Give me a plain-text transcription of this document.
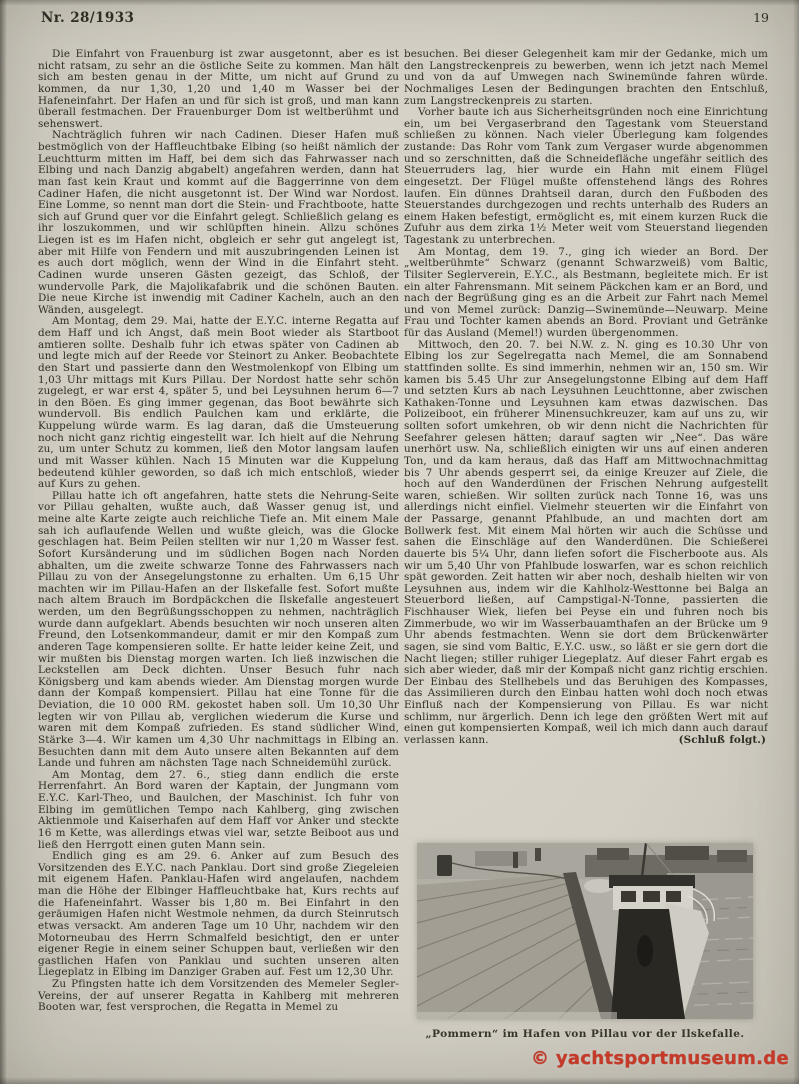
Nr. 28/1933	19

Die Einfahrt von Frauenburg ist zwar ausgetonnt, aber es ist nicht ratsam, zu sehr an die östliche Seite zu kommen. Man hält sich am besten genau in der Mitte, um nicht auf Grund zu kommen, da nur 1,30, 1,20 und 1,40 m Wasser bei der Hafeneinfahrt. Der Hafen an und für sich ist groß, und man kann überall festmachen. Der Frauenburger Dom ist weltberühmt und sehenswert.

Nachträglich fuhren wir nach Cadinen. Dieser Hafen muß bestmöglich von der Haffleuchtbake Elbing (so heißt nämlich der Leuchtturm mitten im Haff, bei dem sich das Fahrwasser nach Elbing und nach Danzig abgabelt) angefahren werden, dann hat man fast kein Kraut und kommt auf die Baggerrinne von dem Cadiner Hafen, die nicht ausgetonnt ist. Der Wind war Nordost. Eine Lomme, so nennt man dort die Stein- und Frachtboote, hatte sich auf Grund quer vor die Einfahrt gelegt. Schließlich gelang es ihr loszukommen, und wir schlüpften hinein. Allzu schönes Liegen ist es im Hafen nicht, obgleich er sehr gut angelegt ist, aber mit Hilfe von Fendern und mit auszubringenden Leinen ist es auch dort möglich, wenn der Wind in die Einfahrt steht. Cadinen wurde unseren Gästen gezeigt, das Schloß, der wundervolle Park, die Majolikafabrik und die schönen Bauten. Die neue Kirche ist inwendig mit Cadiner Kacheln, auch an den Wänden, ausgelegt.

Am Montag, dem 29. Mai, hatte der E.Y.C. interne Regatta auf dem Haff und ich Angst, daß mein Boot wieder als Startboot amtieren sollte. Deshalb fuhr ich etwas später von Cadinen ab und legte mich auf der Reede vor Steinort zu Anker. Beobachtete den Start und passierte dann den Westmolenkopf von Elbing um 1,03 Uhr mittags mit Kurs Pillau. Der Nordost hatte sehr schön zugelegt, er war erst 4, später 5, und bei Leysuhnen herum 6—7 in den Böen. Es ging immer gegenan, das Boot bewährte sich wundervoll. Bis endlich Paulchen kam und erklärte, die Kuppelung würde warm. Es lag daran, daß die Umsteuerung noch nicht ganz richtig eingestellt war. Ich hielt auf die Nehrung zu, um unter Schutz zu kommen, ließ den Motor langsam laufen und mit Wasser kühlen. Nach 15 Minuten war die Kuppelung bedeutend kühler geworden, so daß ich mich entschloß, wieder auf Kurs zu gehen.

Pillau hatte ich oft angefahren, hatte stets die Nehrung-Seite vor Pillau gehalten, wußte auch, daß Wasser genug ist, und meine alte Karte zeigte auch reichliche Tiefe an. Mit einem Male sah ich auflaufende Wellen und wußte gleich, was die Glocke geschlagen hat. Beim Peilen stellten wir nur 1,20 m Wasser fest. Sofort Kursänderung und im südlichen Bogen nach Norden abhalten, um die zweite schwarze Tonne des Fahrwassers nach Pillau zu von der Ansegelungstonne zu erhalten. Um 6,15 Uhr machten wir im Pillau-Hafen an der Ilskefalle fest. Sofort mußte nach altem Brauch im Bordpäckchen die Ilskefalle angesteuert werden, um den Begrüßungsschoppen zu nehmen, nachträglich wurde dann aufgeklart. Abends besuchten wir noch unseren alten Freund, den Lotsenkommandeur, damit er mir den Kompaß zum anderen Tage kompensieren sollte. Er hatte leider keine Zeit, und wir mußten bis Dienstag morgen warten. Ich ließ inzwischen die Leckstellen am Deck dichten. Unser Besuch fuhr nach Königsberg und kam abends wieder. Am Dienstag morgen wurde dann der Kompaß kompensiert. Pillau hat eine Tonne für die Deviation, die 10 000 RM. gekostet haben soll. Um 10,30 Uhr legten wir von Pillau ab, verglichen wiederum die Kurse und waren mit dem Kompaß zufrieden. Es stand südlicher Wind, Stärke 3—4. Wir kamen um 4,30 Uhr nachmittags in Elbing an. Besuchten dann mit dem Auto unsere alten Bekannten auf dem Lande und fuhren am nächsten Tage nach Schneidemühl zurück.

Am Montag, dem 27. 6., stieg dann endlich die erste Herrenfahrt. An Bord waren der Kaptain, der Jungmann vom E.Y.C. Karl-Theo, und Baulchen, der Maschinist. Ich fuhr von Elbing im gemütlichen Tempo nach Kahlberg, ging zwischen Aktienmole und Kaiserhafen auf dem Haff vor Anker und steckte 16 m Kette, was allerdings etwas viel war, setzte Beiboot aus und ließ den Herrgott einen guten Mann sein.

Endlich ging es am 29. 6. Anker auf zum Besuch des Vorsitzenden des E.Y.C. nach Panklau. Dort sind große Ziegeleien mit eigenem Hafen. Panklau-Hafen wird angelaufen, nachdem man die Höhe der Elbinger Haffleuchtbake hat, Kurs rechts auf die Hafeneinfahrt. Wasser bis 1,80 m. Bei Einfahrt in den geräumigen Hafen nicht Westmole nehmen, da durch Steinrutsch etwas versackt. Am anderen Tage um 10 Uhr, nachdem wir den Motorneubau des Herrn Schmalfeld besichtigt, den er unter eigener Regie in einem seiner Schuppen baut, verließen wir den gastlichen Hafen von Panklau und suchten unseren alten Liegeplatz in Elbing im Danziger Graben auf. Fest um 12,30 Uhr.

Zu Pfingsten hatte ich dem Vorsitzenden des Memeler Segler-Vereins, der auf unserer Regatta in Kahlberg mit mehreren Booten war, fest versprochen, die Regatta in Memel zu

besuchen. Bei dieser Gelegenheit kam mir der Gedanke, mich um den Langstreckenpreis zu bewerben, wenn ich jetzt nach Memel und von da auf Umwegen nach Swinemünde fahren würde. Nochmaliges Lesen der Bedingungen brachten den Entschluß, zum Langstreckenpreis zu starten.

Vorher baute ich aus Sicherheitsgründen noch eine Einrichtung ein, um bei Vergaserbrand den Tagestank vom Steuerstand schließen zu können. Nach vieler Überlegung kam folgendes zustande: Das Rohr vom Tank zum Vergaser wurde abgenommen und so zerschnitten, daß die Schneidefläche ungefähr seitlich des Steuerruders lag, hier wurde ein Hahn mit einem Flügel eingesetzt. Der Flügel mußte offenstehend längs des Rohres laufen. Ein dünnes Drahtseil daran, durch den Fußboden des Steuerstandes durchgezogen und rechts unterhalb des Ruders an einem Haken befestigt, ermöglicht es, mit einem kurzen Ruck die Zufuhr aus dem zirka 1½ Meter weit vom Steuerstand liegenden Tagestank zu unterbrechen.

Am Montag, dem 19. 7., ging ich wieder an Bord. Der „weltberühmte“ Schwarz (genannt Schwarzweiß) vom Baltic, Tilsiter Seglerverein, E.Y.C., als Bestmann, begleitete mich. Er ist ein alter Fahrensmann. Mit seinem Päckchen kam er an Bord, und nach der Begrüßung ging es an die Arbeit zur Fahrt nach Memel und von Memel zurück: Danzig—Swinemünde—Neuwarp. Meine Frau und Tochter kamen abends an Bord. Proviant und Getränke für das Ausland (Memel!) wurden übergenommen.

Mittwoch, den 20. 7. bei N.W. z. N. ging es 10.30 Uhr von Elbing los zur Segelregatta nach Memel, die am Sonnabend stattfinden sollte. Es sind immerhin, nehmen wir an, 150 sm. Wir kamen bis 5.45 Uhr zur Ansegelungstonne Elbing auf dem Haff und setzten Kurs ab nach Leysuhnen Leuchttonne, aber zwischen Kathaken-Tonne und Leysuhnen kam etwas dazwischen. Das Polizeiboot, ein früherer Minensuchkreuzer, kam auf uns zu, wir sollten sofort umkehren, ob wir denn nicht die Nachrichten für Seefahrer gelesen hätten; darauf sagten wir „Nee“. Das wäre unerhört usw. Na, schließlich einigten wir uns auf einen anderen Ton, und da kam heraus, daß das Haff am Mittwochnachmittag bis 7 Uhr abends gesperrt sei, da einige Kreuzer auf Ziele, die hoch auf den Wanderdünen der Frischen Nehrung aufgestellt waren, schießen. Wir sollten zurück nach Tonne 16, was uns allerdings nicht einfiel. Vielmehr steuerten wir die Einfahrt von der Passarge, genannt Pfahlbude, an und machten dort am Bollwerk fest. Mit einem Mal hörten wir auch die Schüsse und sahen die Einschläge auf den Wanderdünen. Die Schießerei dauerte bis 5¼ Uhr, dann liefen sofort die Fischerboote aus. Als wir um 5,40 Uhr von Pfahlbude loswarfen, war es schon reichlich spät geworden. Zeit hatten wir aber noch, deshalb hielten wir von Leysuhnen aus, indem wir die Kahlholz-Westtonne bei Balga an Steuerbord ließen, auf Campstigal-N-Tonne, passierten die Fischhauser Wiek, liefen bei Peyse ein und fuhren noch bis Zimmerbude, wo wir im Wasserbauamthafen an der Brücke um 9 Uhr abends festmachten. Wenn sie dort dem Brückenwärter sagen, sie sind vom Baltic, E.Y.C. usw., so läßt er sie gern dort die Nacht liegen; stiller ruhiger Liegeplatz. Auf dieser Fahrt ergab es sich aber wieder, daß mir der Kompaß nicht ganz richtig erschien. Der Einbau des Stellhebels und das Beruhigen des Kompasses, das Assimilieren durch den Einbau hatten wohl doch noch etwas Einfluß nach der Kompensierung von Pillau. Es war nicht schlimm, nur ärgerlich. Denn ich lege den größten Wert mit auf einen gut kompensierten Kompaß, weil ich mich dann auch darauf verlassen kann.	(Schluß folgt.)
„Pommern“ im Hafen von Pillau vor der Ilskefalle.
© yachtsportmuseum.de
